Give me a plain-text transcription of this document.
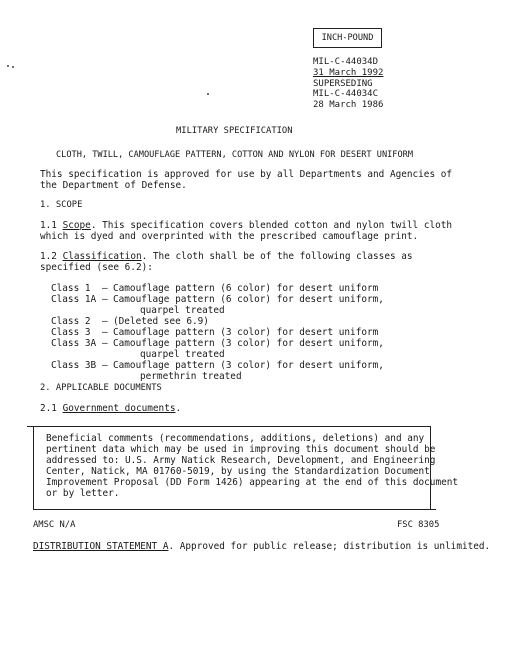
INCH-POUND
MIL-C-44034D
31 March 1992
SUPERSEDING
MIL-C-44034C
28 March 1986
MILITARY SPECIFICATION
CLOTH, TWILL, CAMOUFLAGE PATTERN, COTTON AND NYLON FOR DESERT UNIFORM
This specification is approved for use by all Departments and Agencies of
the Department of Defense.
1. SCOPE
1.1 Scope. This specification covers blended cotton and nylon twill cloth
which is dyed and overprinted with the prescribed camouflage print.
1.2 Classification. The cloth shall be of the following classes as
specified (see 6.2):
Class 1 – Camouflage pattern (6 color) for desert uniform
Class 1A – Camouflage pattern (6 color) for desert uniform,
quarpel treated
Class 2 – (Deleted see 6.9)
Class 3 – Camouflage pattern (3 color) for desert uniform
Class 3A – Camouflage pattern (3 color) for desert uniform,
quarpel treated
Class 3B – Camouflage pattern (3 color) for desert uniform,
permethrin treated
2. APPLICABLE DOCUMENTS
2.1 Government documents.
Beneficial comments (recommendations, additions, deletions) and any
pertinent data which may be used in improving this document should be
addressed to: U.S. Army Natick Research, Development, and Engineering
Center, Natick, MA 01760-5019, by using the Standardization Document
Improvement Proposal (DD Form 1426) appearing at the end of this document
or by letter.
AMSC N/A	FSC 8305
DISTRIBUTION STATEMENT A. Approved for public release; distribution is unlimited.
